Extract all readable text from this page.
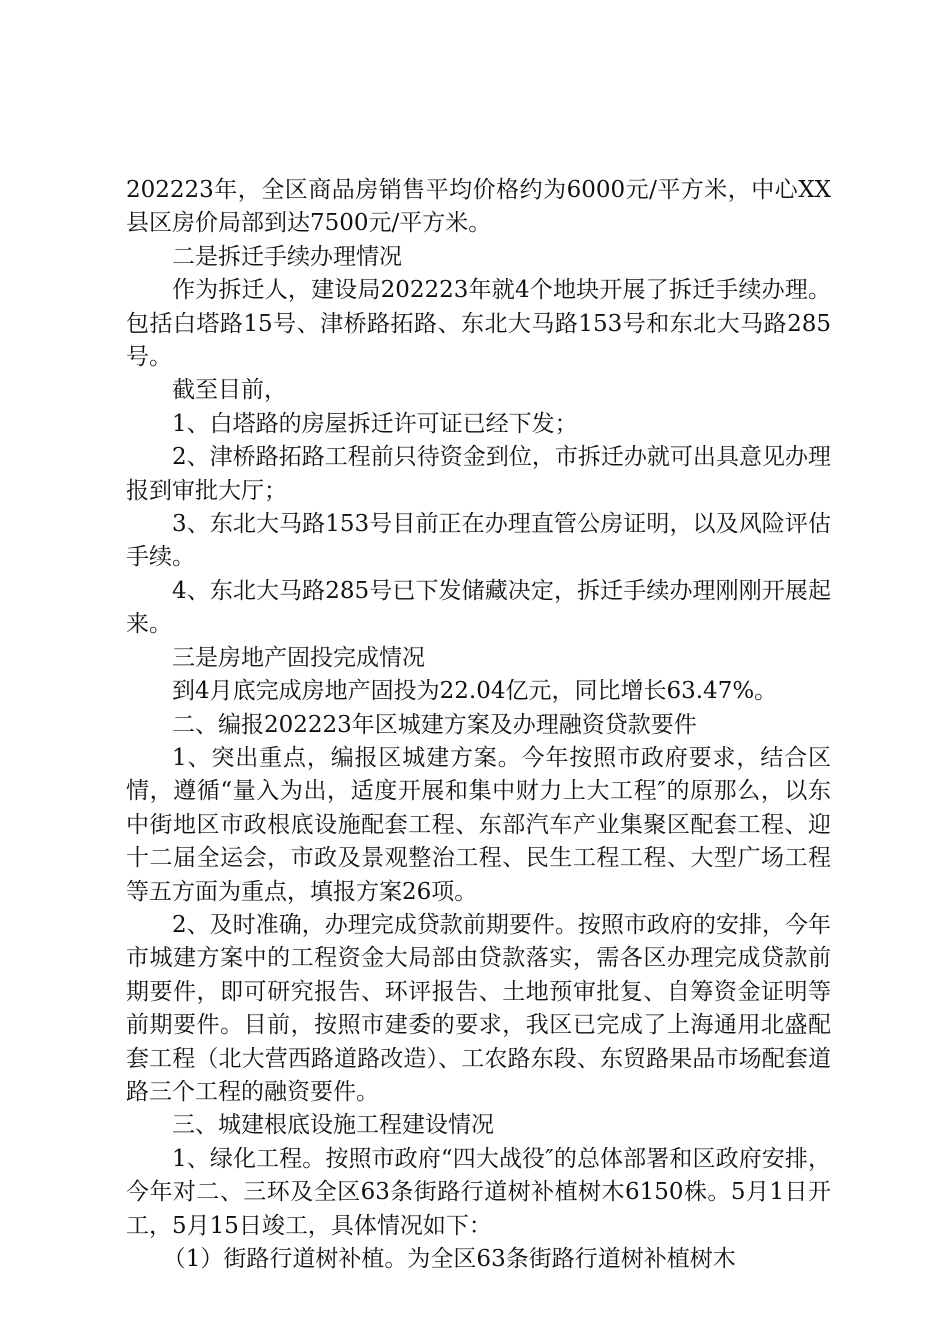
202223年，全区商品房销售平均价格约为6000元/平方米，中心XX县区房价局部到达7500元/平方米。

二是拆迁手续办理情况

作为拆迁人，建设局202223年就4个地块开展了拆迁手续办理。包括白塔路15号、津桥路拓路、东北大马路153号和东北大马路285号。

截至目前，

1、白塔路的房屋拆迁许可证已经下发；

2、津桥路拓路工程前只待资金到位，市拆迁办就可出具意见办理报到审批大厅；

3、东北大马路153号目前正在办理直管公房证明，以及风险评估手续。

4、东北大马路285号已下发储藏决定，拆迁手续办理刚刚开展起来。

三是房地产固投完成情况

到4月底完成房地产固投为22.04亿元，同比增长63.47%。

二、编报202223年区城建方案及办理融资贷款要件

1、突出重点，编报区城建方案。今年按照市政府要求，结合区情，遵循“量入为出，适度开展和集中财力上大工程″的原那么，以东中街地区市政根底设施配套工程、东部汽车产业集聚区配套工程、迎十二届全运会，市政及景观整治工程、民生工程工程、大型广场工程等五方面为重点，填报方案26项。

2、及时准确，办理完成贷款前期要件。按照市政府的安排，今年市城建方案中的工程资金大局部由贷款落实，需各区办理完成贷款前期要件，即可研究报告、环评报告、土地预审批复、自筹资金证明等前期要件。目前，按照市建委的要求，我区已完成了上海通用北盛配套工程（北大营西路道路改造）、工农路东段、东贸路果品市场配套道路三个工程的融资要件。

三、城建根底设施工程建设情况

1、绿化工程。按照市政府“四大战役″的总体部署和区政府安排，今年对二、三环及全区63条街路行道树补植树木6150株。5月1日开工，5月15日竣工，具体情况如下：

（1）街路行道树补植。为全区63条街路行道树补植树木
